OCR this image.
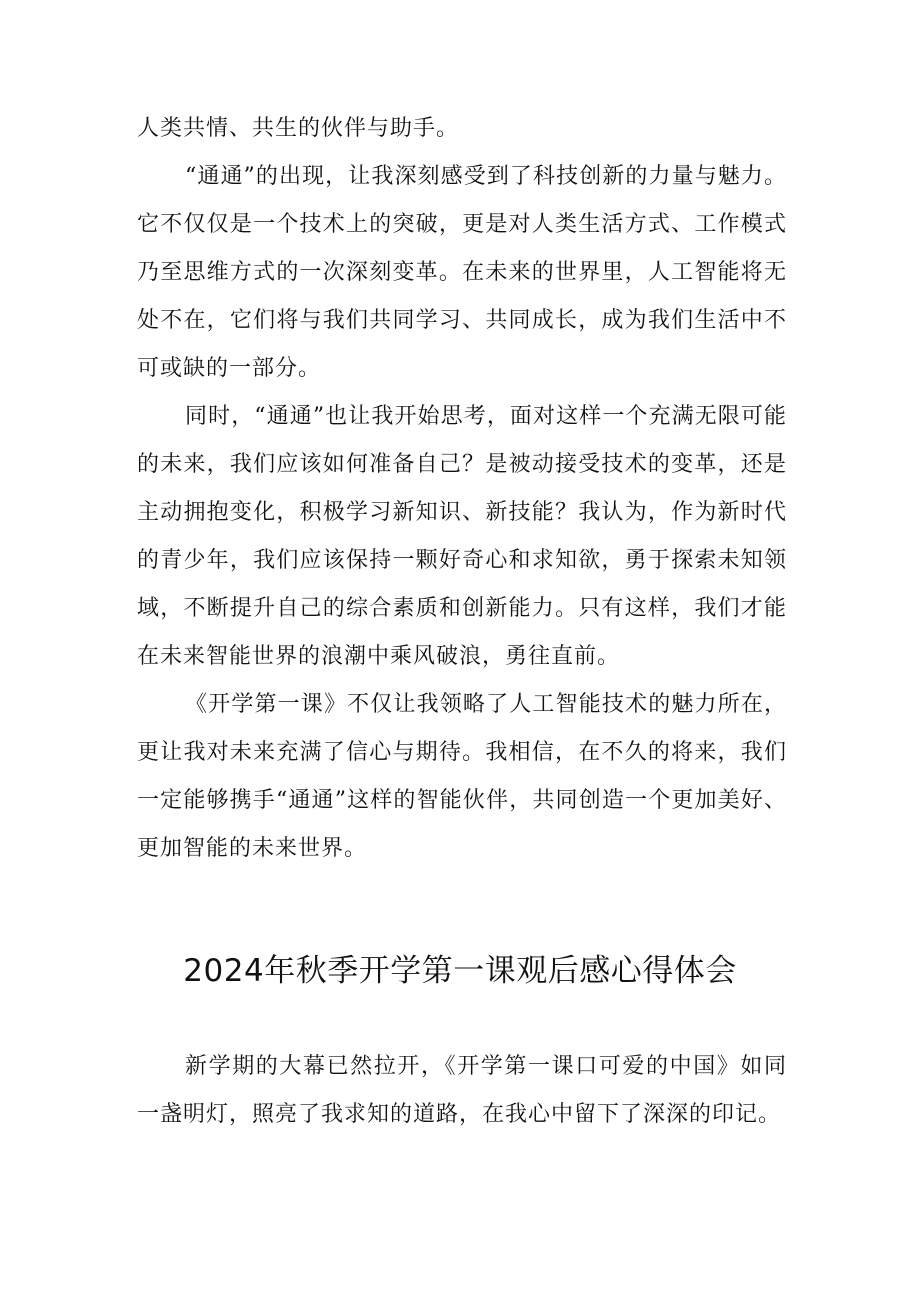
人类共情、共生的伙伴与助手。

“通通”的出现，让我深刻感受到了科技创新的力量与魅力。它不仅仅是一个技术上的突破，更是对人类生活方式、工作模式乃至思维方式的一次深刻变革。在未来的世界里，人工智能将无处不在，它们将与我们共同学习、共同成长，成为我们生活中不可或缺的一部分。

同时，“通通”也让我开始思考，面对这样一个充满无限可能的未来，我们应该如何准备自己？是被动接受技术的变革，还是主动拥抱变化，积极学习新知识、新技能？我认为，作为新时代的青少年，我们应该保持一颗好奇心和求知欲，勇于探索未知领域，不断提升自己的综合素质和创新能力。只有这样，我们才能在未来智能世界的浪潮中乘风破浪，勇往直前。

《开学第一课》不仅让我领略了人工智能技术的魅力所在，更让我对未来充满了信心与期待。我相信，在不久的将来，我们一定能够携手“通通”这样的智能伙伴，共同创造一个更加美好、更加智能的未来世界。

2024年秋季开学第一课观后感心得体会

新学期的大幕已然拉开，《开学第一课口可爱的中国》如同一盏明灯，照亮了我求知的道路，在我心中留下了深深的印记。
